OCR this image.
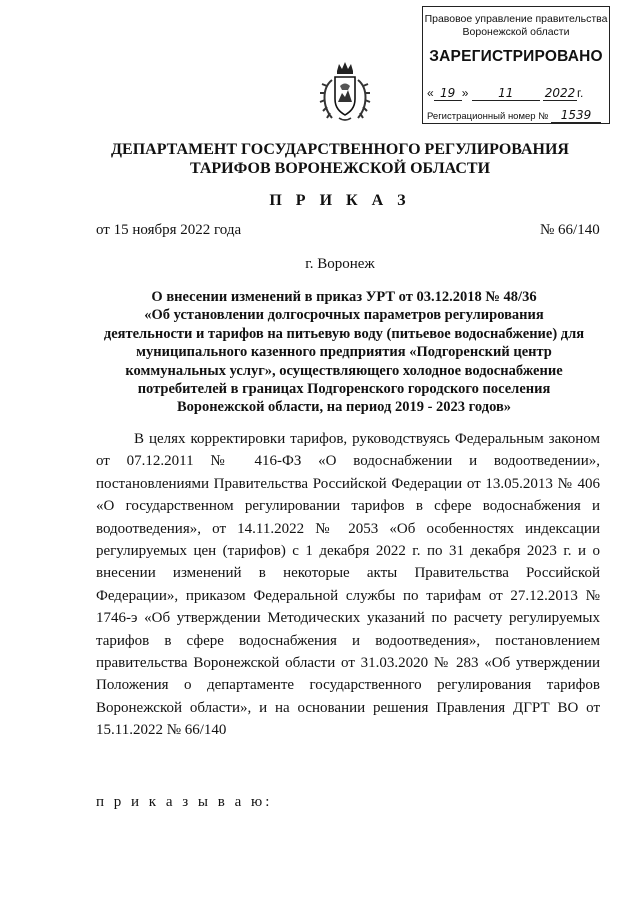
Правовое управление правительства
Воронежской области
ЗАРЕГИСТРИРОВАНО
« 19 » 11	2022 г.
Регистрационный номер № 1539
ДЕПАРТАМЕНТ ГОСУДАРСТВЕННОГО РЕГУЛИРОВАНИЯ
ТАРИФОВ ВОРОНЕЖСКОЙ ОБЛАСТИ
П Р И К А З
от 15 ноября 2022 года	№ 66/140
г. Воронеж
О внесении изменений в приказ УРТ от 03.12.2018 № 48/36
«Об установлении долгосрочных параметров регулирования
деятельности и тарифов на питьевую воду (питьевое водоснабжение) для
муниципального казенного предприятия «Подгоренский центр
коммунальных услуг», осуществляющего холодное водоснабжение
потребителей в границах Подгоренского городского поселения
Воронежской области, на период 2019 - 2023 годов»

В целях корректировки тарифов, руководствуясь Федеральным законом от 07.12.2011 № 416-ФЗ «О водоснабжении и водоотведении», постановлениями Правительства Российской Федерации от 13.05.2013 № 406 «О государственном регулировании тарифов в сфере водоснабжения и водоотведения», от 14.11.2022 № 2053 «Об особенностях индексации регулируемых цен (тарифов) с 1 декабря 2022 г. по 31 декабря 2023 г. и о внесении изменений в некоторые акты Правительства Российской Федерации», приказом Федеральной службы по тарифам от 27.12.2013 № 1746-э «Об утверждении Методических указаний по расчету регулируемых тарифов в сфере водоснабжения и водоотведения», постановлением правительства Воронежской области от 31.03.2020 № 283 «Об утверждении Положения о департаменте государственного регулирования тарифов Воронежской области», и на основании решения Правления ДГРТ ВО от 15.11.2022 № 66/140

п р и к а з ы в а ю:
